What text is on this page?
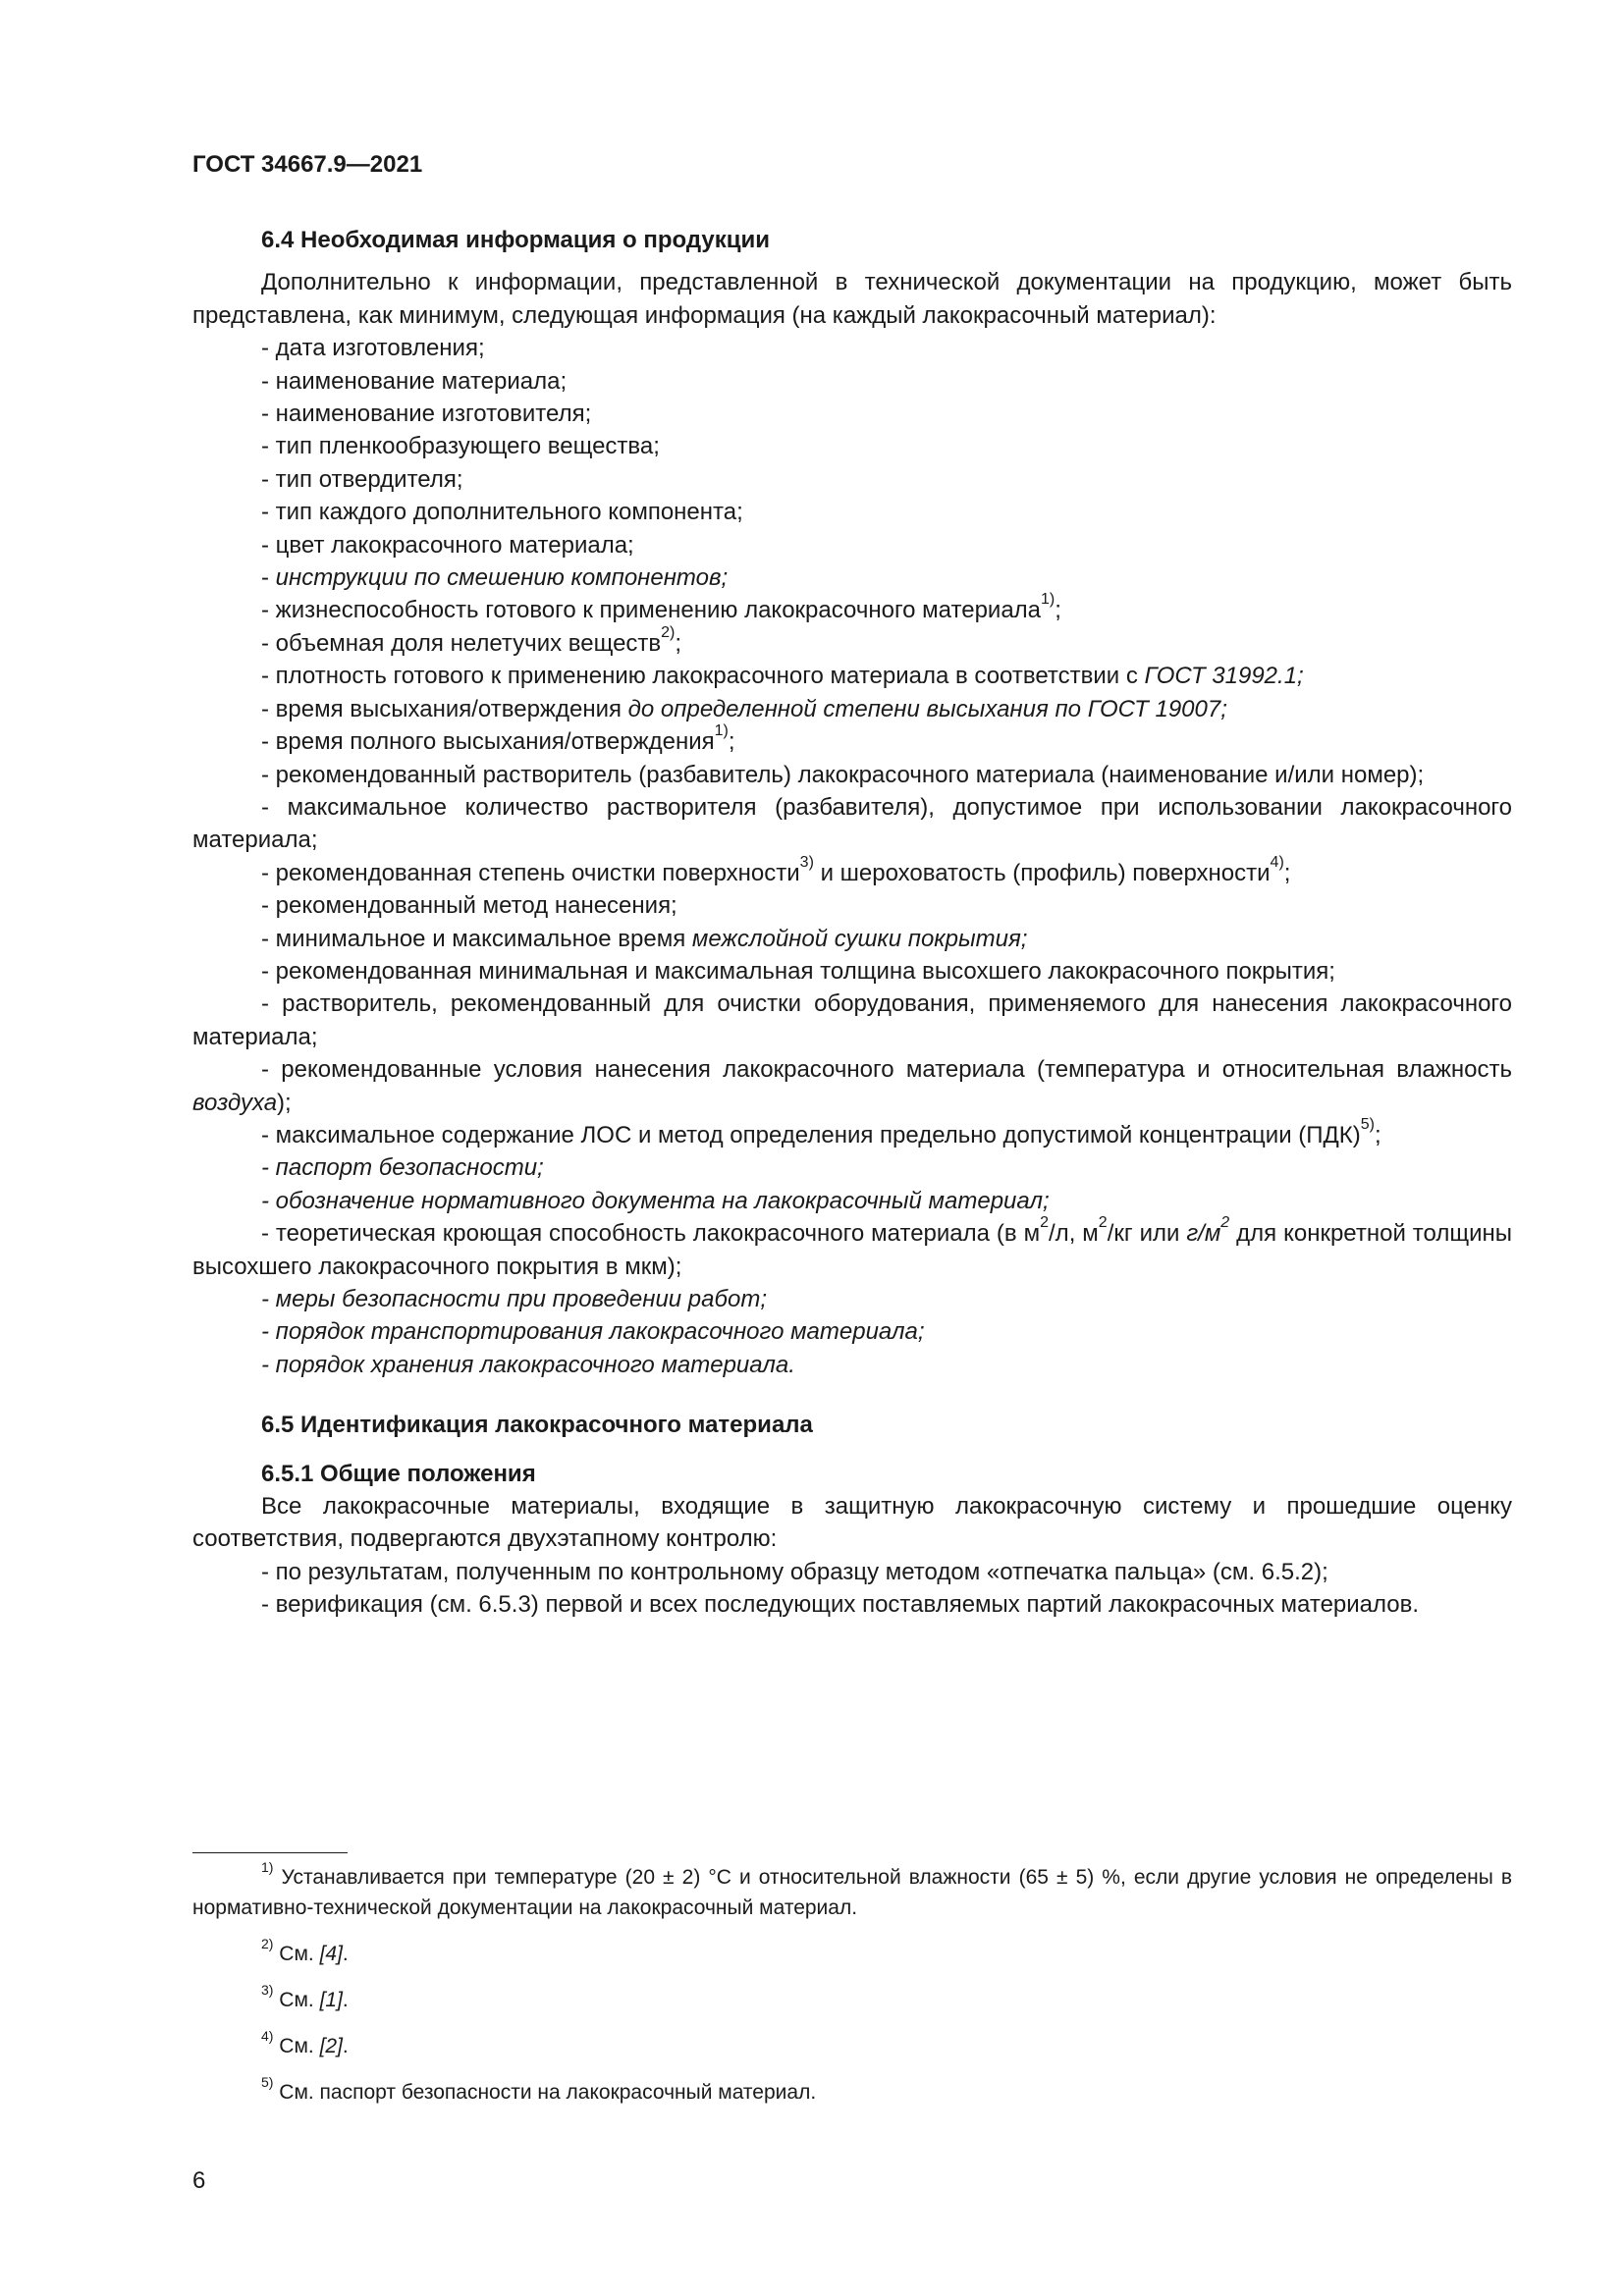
ГОСТ 34667.9—2021

6.4 Необходимая информация о продукции

Дополнительно к информации, представленной в технической документации на продукцию, может быть представлена, как минимум, следующая информация (на каждый лакокрасочный материал):

- дата изготовления;

- наименование материала;

- наименование изготовителя;

- тип пленкообразующего вещества;

- тип отвердителя;

- тип каждого дополнительного компонента;

- цвет лакокрасочного материала;

- инструкции по смешению компонентов;

- жизнеспособность готового к применению лакокрасочного материала$^{1)}$;

- объемная доля нелетучих веществ$^{2)}$;

- плотность готового к применению лакокрасочного материала в соответствии с ГОСТ 31992.1;

- время высыхания/отверждения до определенной степени высыхания по ГОСТ 19007;

- время полного высыхания/отверждения$^{1)}$;

- рекомендованный растворитель (разбавитель) лакокрасочного материала (наименование и/или номер);

- максимальное количество растворителя (разбавителя), допустимое при использовании лакокрасочного материала;

- рекомендованная степень очистки поверхности$^{3)}$ и шероховатость (профиль) поверхности$^{4)}$;

- рекомендованный метод нанесения;

- минимальное и максимальное время межслойной сушки покрытия;

- рекомендованная минимальная и максимальная толщина высохшего лакокрасочного покрытия;

- растворитель, рекомендованный для очистки оборудования, применяемого для нанесения лакокрасочного материала;

- рекомендованные условия нанесения лакокрасочного материала (температура и относительная влажность воздуха);

- максимальное содержание ЛОС и метод определения предельно допустимой концентрации (ПДК)$^{5)}$;

- паспорт безопасности;

- обозначение нормативного документа на лакокрасочный материал;

- теоретическая кроющая способность лакокрасочного материала (в $м^2/л$, $м^2/кг$ или $г/м^2$ для конкретной толщины высохшего лакокрасочного покрытия в мкм);

- меры безопасности при проведении работ;

- порядок транспортирования лакокрасочного материала;

- порядок хранения лакокрасочного материала.

6.5 Идентификация лакокрасочного материала

6.5.1 Общие положения

Все лакокрасочные материалы, входящие в защитную лакокрасочную систему и прошедшие оценку соответствия, подвергаются двухэтапному контролю:

- по результатам, полученным по контрольному образцу методом «отпечатка пальца» (см. 6.5.2);

- верификация (см. 6.5.3) первой и всех последующих поставляемых партий лакокрасочных материалов.

$^{1)}$ Устанавливается при температуре (20 ± 2) °С и относительной влажности (65 ± 5) %, если другие условия не определены в нормативно-технической документации на лакокрасочный материал.

$^{2)}$ См. [4].

$^{3)}$ См. [1].

$^{4)}$ См. [2].

$^{5)}$ См. паспорт безопасности на лакокрасочный материал.

6
